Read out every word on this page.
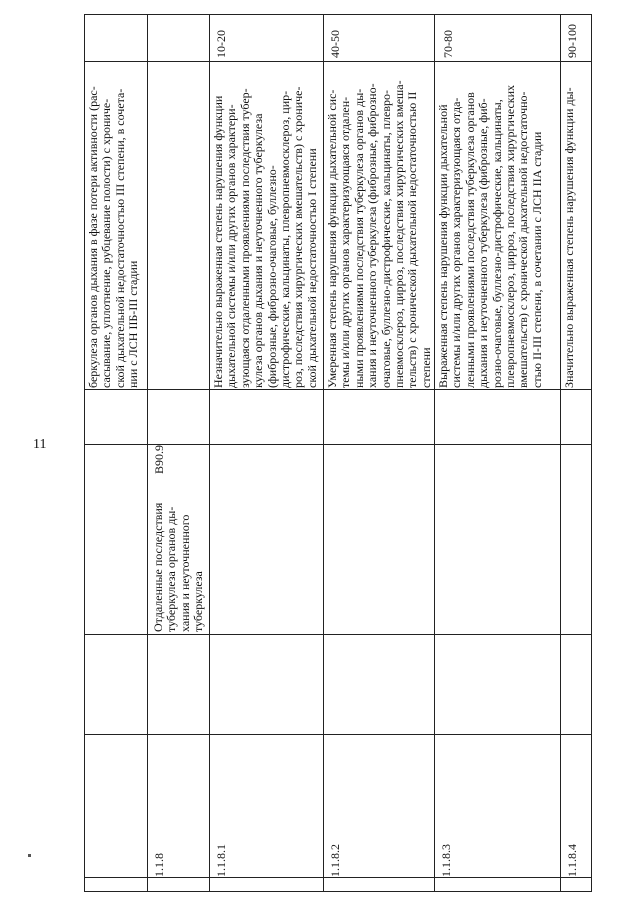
11
беркулеза органов дыхания в фазе потери активности (рас- сасывание, уплотнение, рубцевание полости) с хрониче- ской дыхательной недостаточностью III степени, в сочета- нии с ЛСН IIБ-III стадии
1.1.8
Отдаленные последствия туберкулеза органов ды- хания и неуточненного туберкулеза
B90.9
1.1.8.1
Незначительно выраженная степень нарушения функции дыхательной системы и/или других органов характери- зующаяся отдаленными проявлениями последствия тубер- кулеза органов дыхания и неуточненного туберкулеза (фиброзные, фиброзно-очаговые, буллезно- дистрофические, кальцинаты, плевропневмосклероз, цир- роз, последствия хирургических вмешательств) с хрониче- ской дыхательной недостаточностью I степени
10-20
1.1.8.2
Умеренная степень нарушения функции дыхательной сис- темы и/или других органов характеризующаяся отдален- ными проявлениями последствия туберкулеза органов ды- хания и неуточненного туберкулеза (фиброзные, фиброзно- очаговые, буллезно-дистрофические, кальцинаты, плевро- пневмосклероз, цирроз, последствия хирургических вмеша- тельств) с хронической дыхательной недостаточностью II степени
40-50
1.1.8.3
Выраженная степень нарушения функции дыхательной системы и/или других органов характеризующаяся отда- ленными проявлениями последствия туберкулеза органов дыхания и неуточненного туберкулеза (фиброзные, фиб- розно-очаговые, буллезно-дистрофические, кальцинаты, плевропневмосклероз, цирроз, последствия хирургических вмешательств) с хронической дыхательной недостаточно- стью II-III степени, в сочетании с ЛСН IIА стадии
70-80
1.1.8.4
Значительно выраженная степень нарушения функции ды-
90-100
